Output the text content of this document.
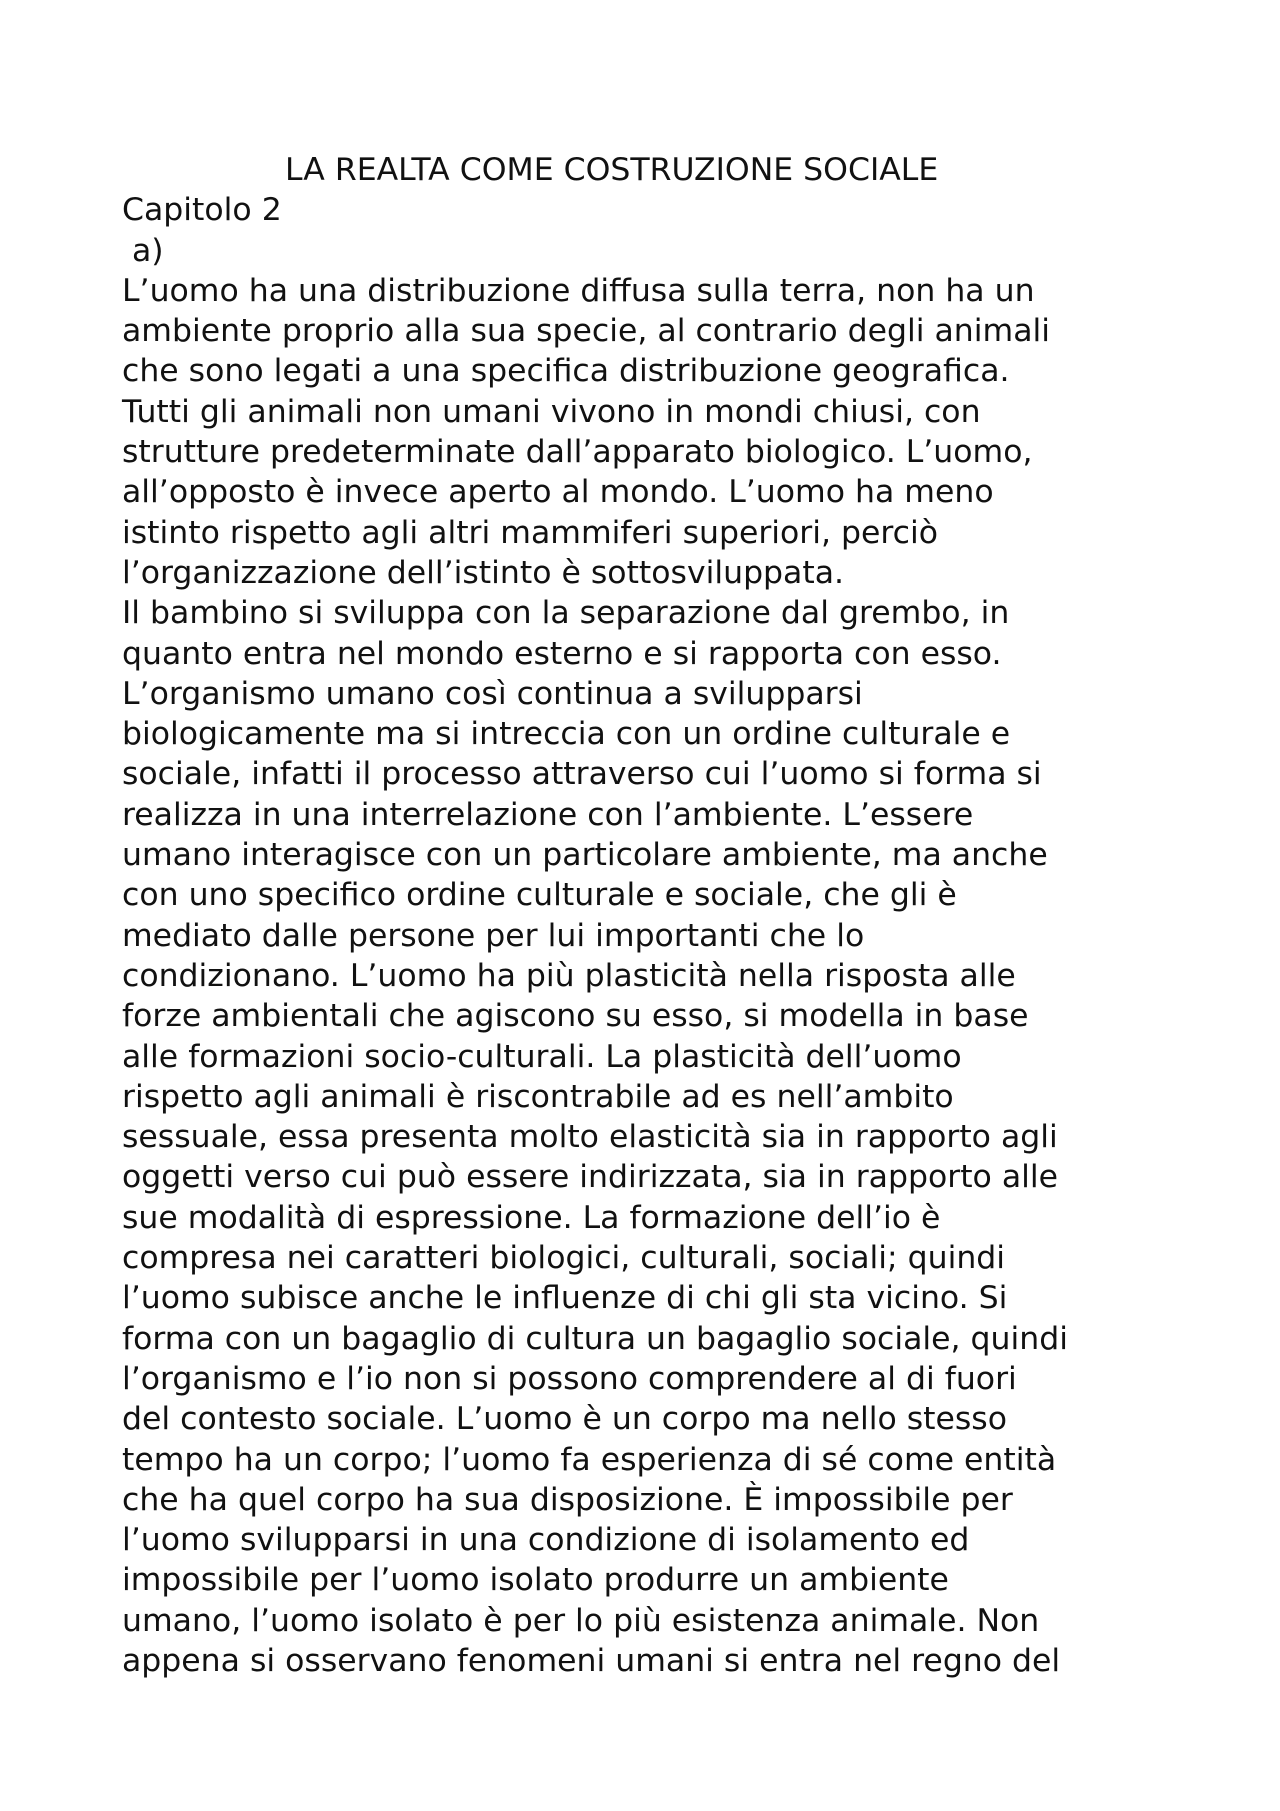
LA REALTA COME COSTRUZIONE SOCIALE
Capitolo 2
a)
L’uomo ha una distribuzione diffusa sulla terra, non ha un
ambiente proprio alla sua specie, al contrario degli animali
che sono legati a una specifica distribuzione geografica.
Tutti gli animali non umani vivono in mondi chiusi, con
strutture predeterminate dall’apparato biologico. L’uomo,
all’opposto è invece aperto al mondo. L’uomo ha meno
istinto rispetto agli altri mammiferi superiori, perciò
l’organizzazione dell’istinto è sottosviluppata.
Il bambino si sviluppa con la separazione dal grembo, in
quanto entra nel mondo esterno e si rapporta con esso.
L’organismo umano così continua a svilupparsi
biologicamente ma si intreccia con un ordine culturale e
sociale, infatti il processo attraverso cui l’uomo si forma si
realizza in una interrelazione con l’ambiente. L’essere
umano interagisce con un particolare ambiente, ma anche
con uno specifico ordine culturale e sociale, che gli è
mediato dalle persone per lui importanti che lo
condizionano. L’uomo ha più plasticità nella risposta alle
forze ambientali che agiscono su esso, si modella in base
alle formazioni socio-culturali. La plasticità dell’uomo
rispetto agli animali è riscontrabile ad es nell’ambito
sessuale, essa presenta molto elasticità sia in rapporto agli
oggetti verso cui può essere indirizzata, sia in rapporto alle
sue modalità di espressione. La formazione dell’io è
compresa nei caratteri biologici, culturali, sociali; quindi
l’uomo subisce anche le influenze di chi gli sta vicino. Si
forma con un bagaglio di cultura un bagaglio sociale, quindi
l’organismo e l’io non si possono comprendere al di fuori
del contesto sociale. L’uomo è un corpo ma nello stesso
tempo ha un corpo; l’uomo fa esperienza di sé come entità
che ha quel corpo ha sua disposizione. È impossibile per
l’uomo svilupparsi in una condizione di isolamento ed
impossibile per l’uomo isolato produrre un ambiente
umano, l’uomo isolato è per lo più esistenza animale. Non
appena si osservano fenomeni umani si entra nel regno del
